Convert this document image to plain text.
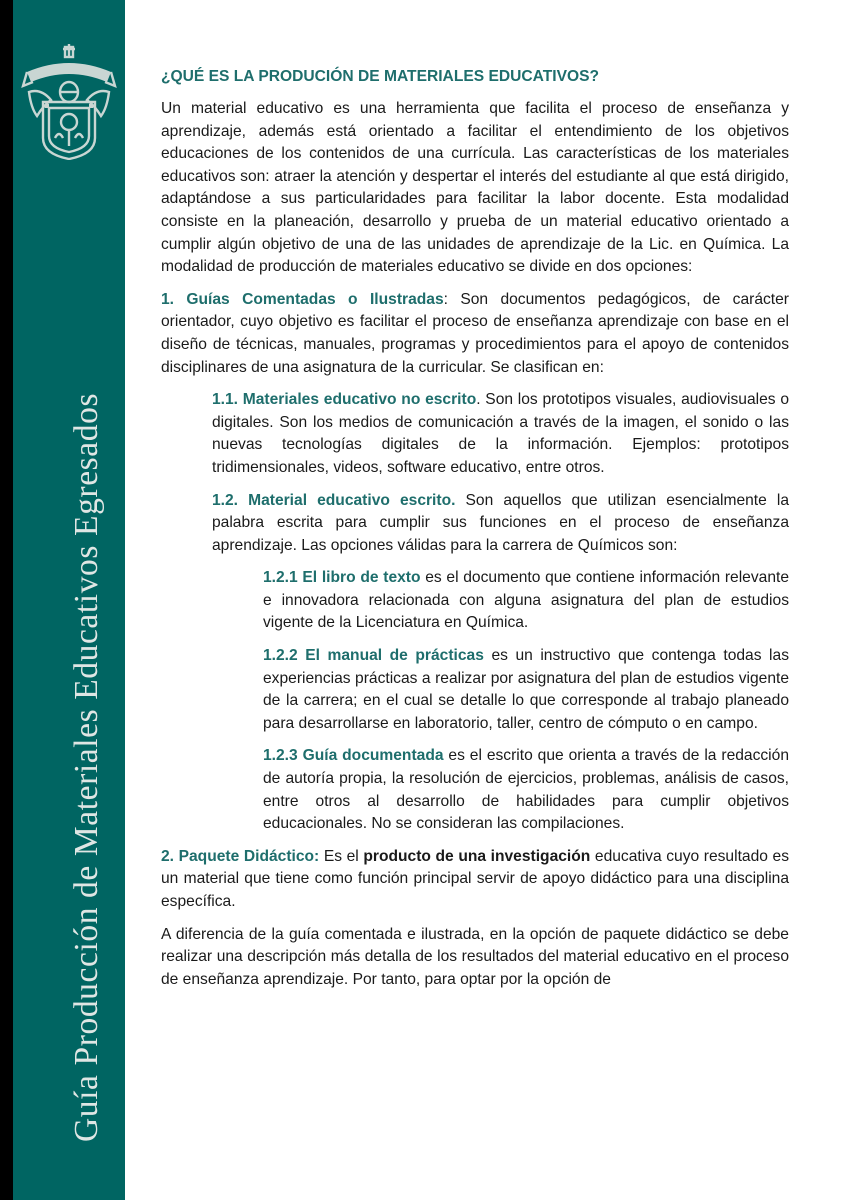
Guía Producción de Materiales Educativos Egresados
¿QUÉ ES LA PRODUCIÓN DE MATERIALES EDUCATIVOS?

Un material educativo es una herramienta que facilita el proceso de enseñanza y aprendizaje, además está orientado a facilitar el entendimiento de los objetivos educaciones de los contenidos de una currícula. Las características de los materiales educativos son: atraer la atención y despertar el interés del estudiante al que está dirigido, adaptándose a sus particularidades para facilitar la labor docente. Esta modalidad consiste en la planeación, desarrollo y prueba de un material educativo orientado a cumplir algún objetivo de una de las unidades de aprendizaje de la Lic. en Química. La modalidad de producción de materiales educativo se divide en dos opciones:

1. Guías Comentadas o Ilustradas: Son documentos pedagógicos, de carácter orientador, cuyo objetivo es facilitar el proceso de enseñanza aprendizaje con base en el diseño de técnicas, manuales, programas y procedimientos para el apoyo de contenidos disciplinares de una asignatura de la curricular. Se clasifican en:

1.1. Materiales educativo no escrito. Son los prototipos visuales, audiovisuales o digitales. Son los medios de comunicación a través de la imagen, el sonido o las nuevas tecnologías digitales de la información. Ejemplos: prototipos tridimensionales, videos, software educativo, entre otros.

1.2. Material educativo escrito. Son aquellos que utilizan esencialmente la palabra escrita para cumplir sus funciones en el proceso de enseñanza aprendizaje. Las opciones válidas para la carrera de Químicos son:

1.2.1 El libro de texto es el documento que contiene información relevante e innovadora relacionada con alguna asignatura del plan de estudios vigente de la Licenciatura en Química.

1.2.2 El manual de prácticas es un instructivo que contenga todas las experiencias prácticas a realizar por asignatura del plan de estudios vigente de la carrera; en el cual se detalle lo que corresponde al trabajo planeado para desarrollarse en laboratorio, taller, centro de cómputo o en campo.

1.2.3 Guía documentada es el escrito que orienta a través de la redacción de autoría propia, la resolución de ejercicios, problemas, análisis de casos, entre otros al desarrollo de habilidades para cumplir objetivos educacionales. No se consideran las compilaciones.

2. Paquete Didáctico: Es el producto de una investigación educativa cuyo resultado es un material que tiene como función principal servir de apoyo didáctico para una disciplina específica.

A diferencia de la guía comentada e ilustrada, en la opción de paquete didáctico se debe realizar una descripción más detalla de los resultados del material educativo en el proceso de enseñanza aprendizaje. Por tanto, para optar por la opción de
